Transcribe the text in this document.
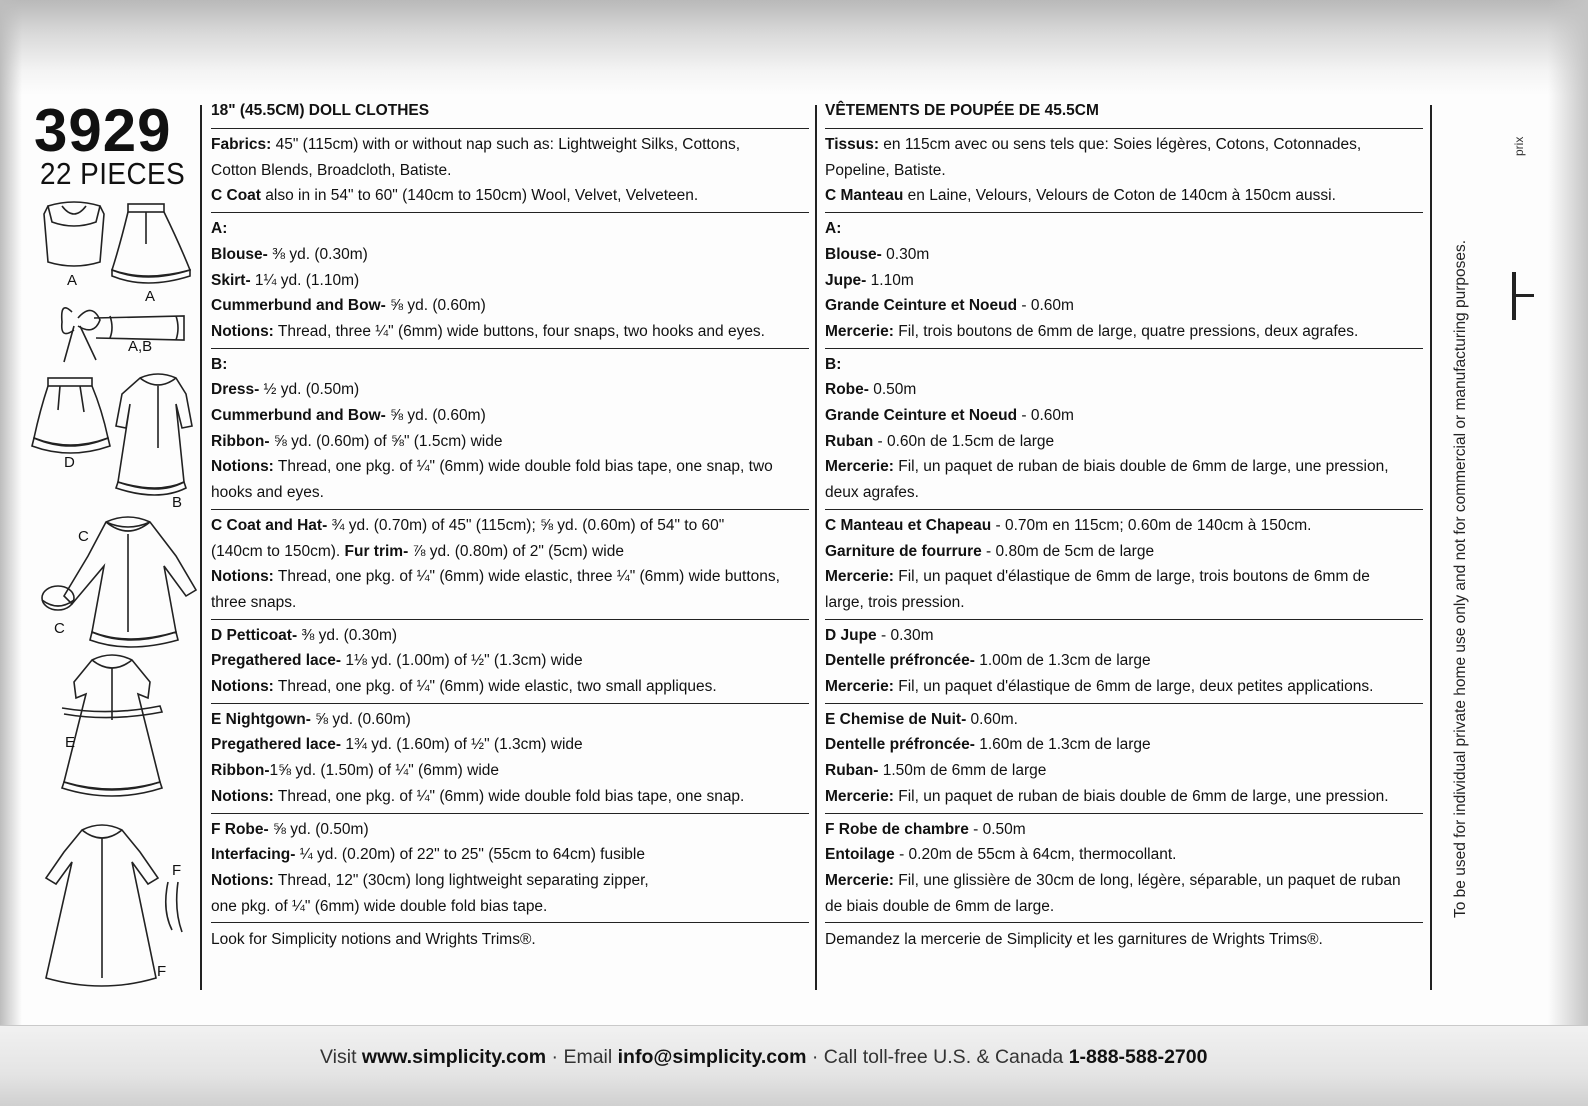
3929
22 PIECES
A
A
A,B
D
B
C
C
E
F
F
18" (45.5CM) DOLL CLOTHES
Fabrics: 45" (115cm) with or without nap such as: Lightweight Silks, Cottons,
Cotton Blends, Broadcloth, Batiste.
C Coat also in in 54" to 60" (140cm to 150cm) Wool, Velvet, Velveteen.
A:
Blouse- ⅜ yd. (0.30m)
Skirt- 1¼ yd. (1.10m)
Cummerbund and Bow- ⅝ yd. (0.60m)
Notions: Thread, three ¼" (6mm) wide buttons, four snaps, two hooks and eyes.
B:
Dress- ½ yd. (0.50m)
Cummerbund and Bow- ⅝ yd. (0.60m)
Ribbon- ⅝ yd. (0.60m) of ⅝" (1.5cm) wide
Notions: Thread, one pkg. of ¼" (6mm) wide double fold bias tape, one snap, two
hooks and eyes.
C Coat and Hat- ¾ yd. (0.70m) of 45" (115cm); ⅝ yd. (0.60m) of 54" to 60"
(140cm to 150cm). Fur trim- ⅞ yd. (0.80m) of 2" (5cm) wide
Notions: Thread, one pkg. of ¼" (6mm) wide elastic, three ¼" (6mm) wide buttons,
three snaps.
D Petticoat- ⅜ yd. (0.30m)
Pregathered lace- 1⅛ yd. (1.00m) of ½" (1.3cm) wide
Notions: Thread, one pkg. of ¼" (6mm) wide elastic, two small appliques.
E Nightgown- ⅝ yd. (0.60m)
Pregathered lace- 1¾ yd. (1.60m) of ½" (1.3cm) wide
Ribbon-1⅝ yd. (1.50m) of ¼" (6mm) wide
Notions: Thread, one pkg. of ¼" (6mm) wide double fold bias tape, one snap.
F Robe- ⅝ yd. (0.50m)
Interfacing- ¼ yd. (0.20m) of 22" to 25" (55cm to 64cm) fusible
Notions: Thread, 12" (30cm) long lightweight separating zipper,
one pkg. of ¼" (6mm) wide double fold bias tape.
Look for Simplicity notions and Wrights Trims®.
VÊTEMENTS DE POUPÉE DE 45.5CM
Tissus: en 115cm avec ou sens tels que: Soies légères, Cotons, Cotonnades,
Popeline, Batiste.
C Manteau en Laine, Velours, Velours de Coton de 140cm à 150cm aussi.
A:
Blouse- 0.30m
Jupe- 1.10m
Grande Ceinture et Noeud - 0.60m
Mercerie: Fil, trois boutons de 6mm de large, quatre pressions, deux agrafes.
B:
Robe- 0.50m
Grande Ceinture et Noeud - 0.60m
Ruban - 0.60n de 1.5cm de large
Mercerie: Fil, un paquet de ruban de biais double de 6mm de large, une pression,
deux agrafes.
C Manteau et Chapeau - 0.70m en 115cm; 0.60m de 140cm à 150cm.
Garniture de fourrure - 0.80m de 5cm de large
Mercerie: Fil, un paquet d'élastique de 6mm de large, trois boutons de 6mm de
large, trois pression.
D Jupe - 0.30m
Dentelle préfroncée- 1.00m de 1.3cm de large
Mercerie: Fil, un paquet d'élastique de 6mm de large, deux petites applications.
E Chemise de Nuit- 0.60m.
Dentelle préfroncée- 1.60m de 1.3cm de large
Ruban- 1.50m de 6mm de large
Mercerie: Fil, un paquet de ruban de biais double de 6mm de large, une pression.
F Robe de chambre - 0.50m
Entoilage - 0.20m de 55cm à 64cm, thermocollant.
Mercerie: Fil, une glissière de 30cm de long, légère, séparable, un paquet de ruban
de biais double de 6mm de large.
Demandez la mercerie de Simplicity et les garnitures de Wrights Trims®.
To be used for individual private home use only and not for commercial or manufacturing purposes.
prix
Visit www.simplicity.com · Email info@simplicity.com · Call toll-free U.S. & Canada 1-888-588-2700
